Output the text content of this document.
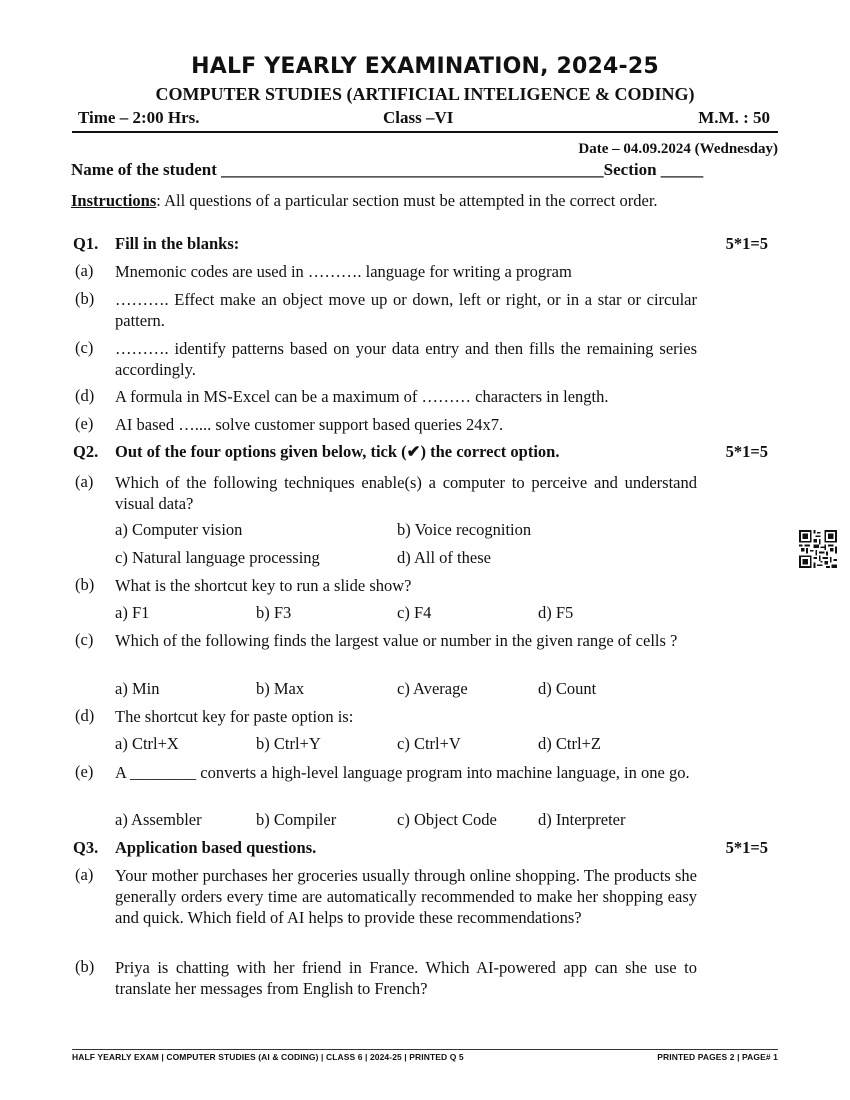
HALF YEARLY EXAMINATION, 2024-25
COMPUTER STUDIES (ARTIFICIAL INTELIGENCE & CODING)
Time – 2:00 Hrs.	Class –VI	M.M. : 50
Date – 04.09.2024 (Wednesday)
Name of the student _____________________________________________Section _____
Instructions: All questions of a particular section must be attempted in the correct order.
Q1. Fill in the blanks:	5*1=5
(a) Mnemonic codes are used in ………. language for writing a program
(b) ………. Effect make an object move up or down, left or right, or in a star or circular pattern.
(c) ………. identify patterns based on your data entry and then fills the remaining series accordingly.
(d) A formula in MS-Excel can be a maximum of ……… characters in length.
(e) AI based ….... solve customer support based queries 24x7.
Q2. Out of the four options given below, tick (✔) the correct option.	5*1=5
(a) Which of the following techniques enable(s) a computer to perceive and understand visual data?
a) Computer vision	b) Voice recognition
c) Natural language processing	d) All of these
(b) What is the shortcut key to run a slide show?
a) F1	b) F3	c) F4	d) F5
(c) Which of the following finds the largest value or number in the given range of cells ?
a) Min	b) Max	c) Average	d) Count
(d) The shortcut key for paste option is:
a) Ctrl+X	b) Ctrl+Y	c) Ctrl+V	d) Ctrl+Z
(e) A ________ converts a high-level language program into machine language, in one go.
a) Assembler	b) Compiler	c) Object Code d) Interpreter
Q3. Application based questions.	5*1=5
(a) Your mother purchases her groceries usually through online shopping. The products she generally orders every time are automatically recommended to make her shopping easy and quick. Which field of AI helps to provide these recommendations?
(b) Priya is chatting with her friend in France. Which AI-powered app can she use to translate her messages from English to French?
HALF YEARLY EXAM | COMPUTER STUDIES (AI & CODING) | CLASS 6 | 2024-25 | PRINTED Q 5	PRINTED PAGES 2 | PAGE# 1
